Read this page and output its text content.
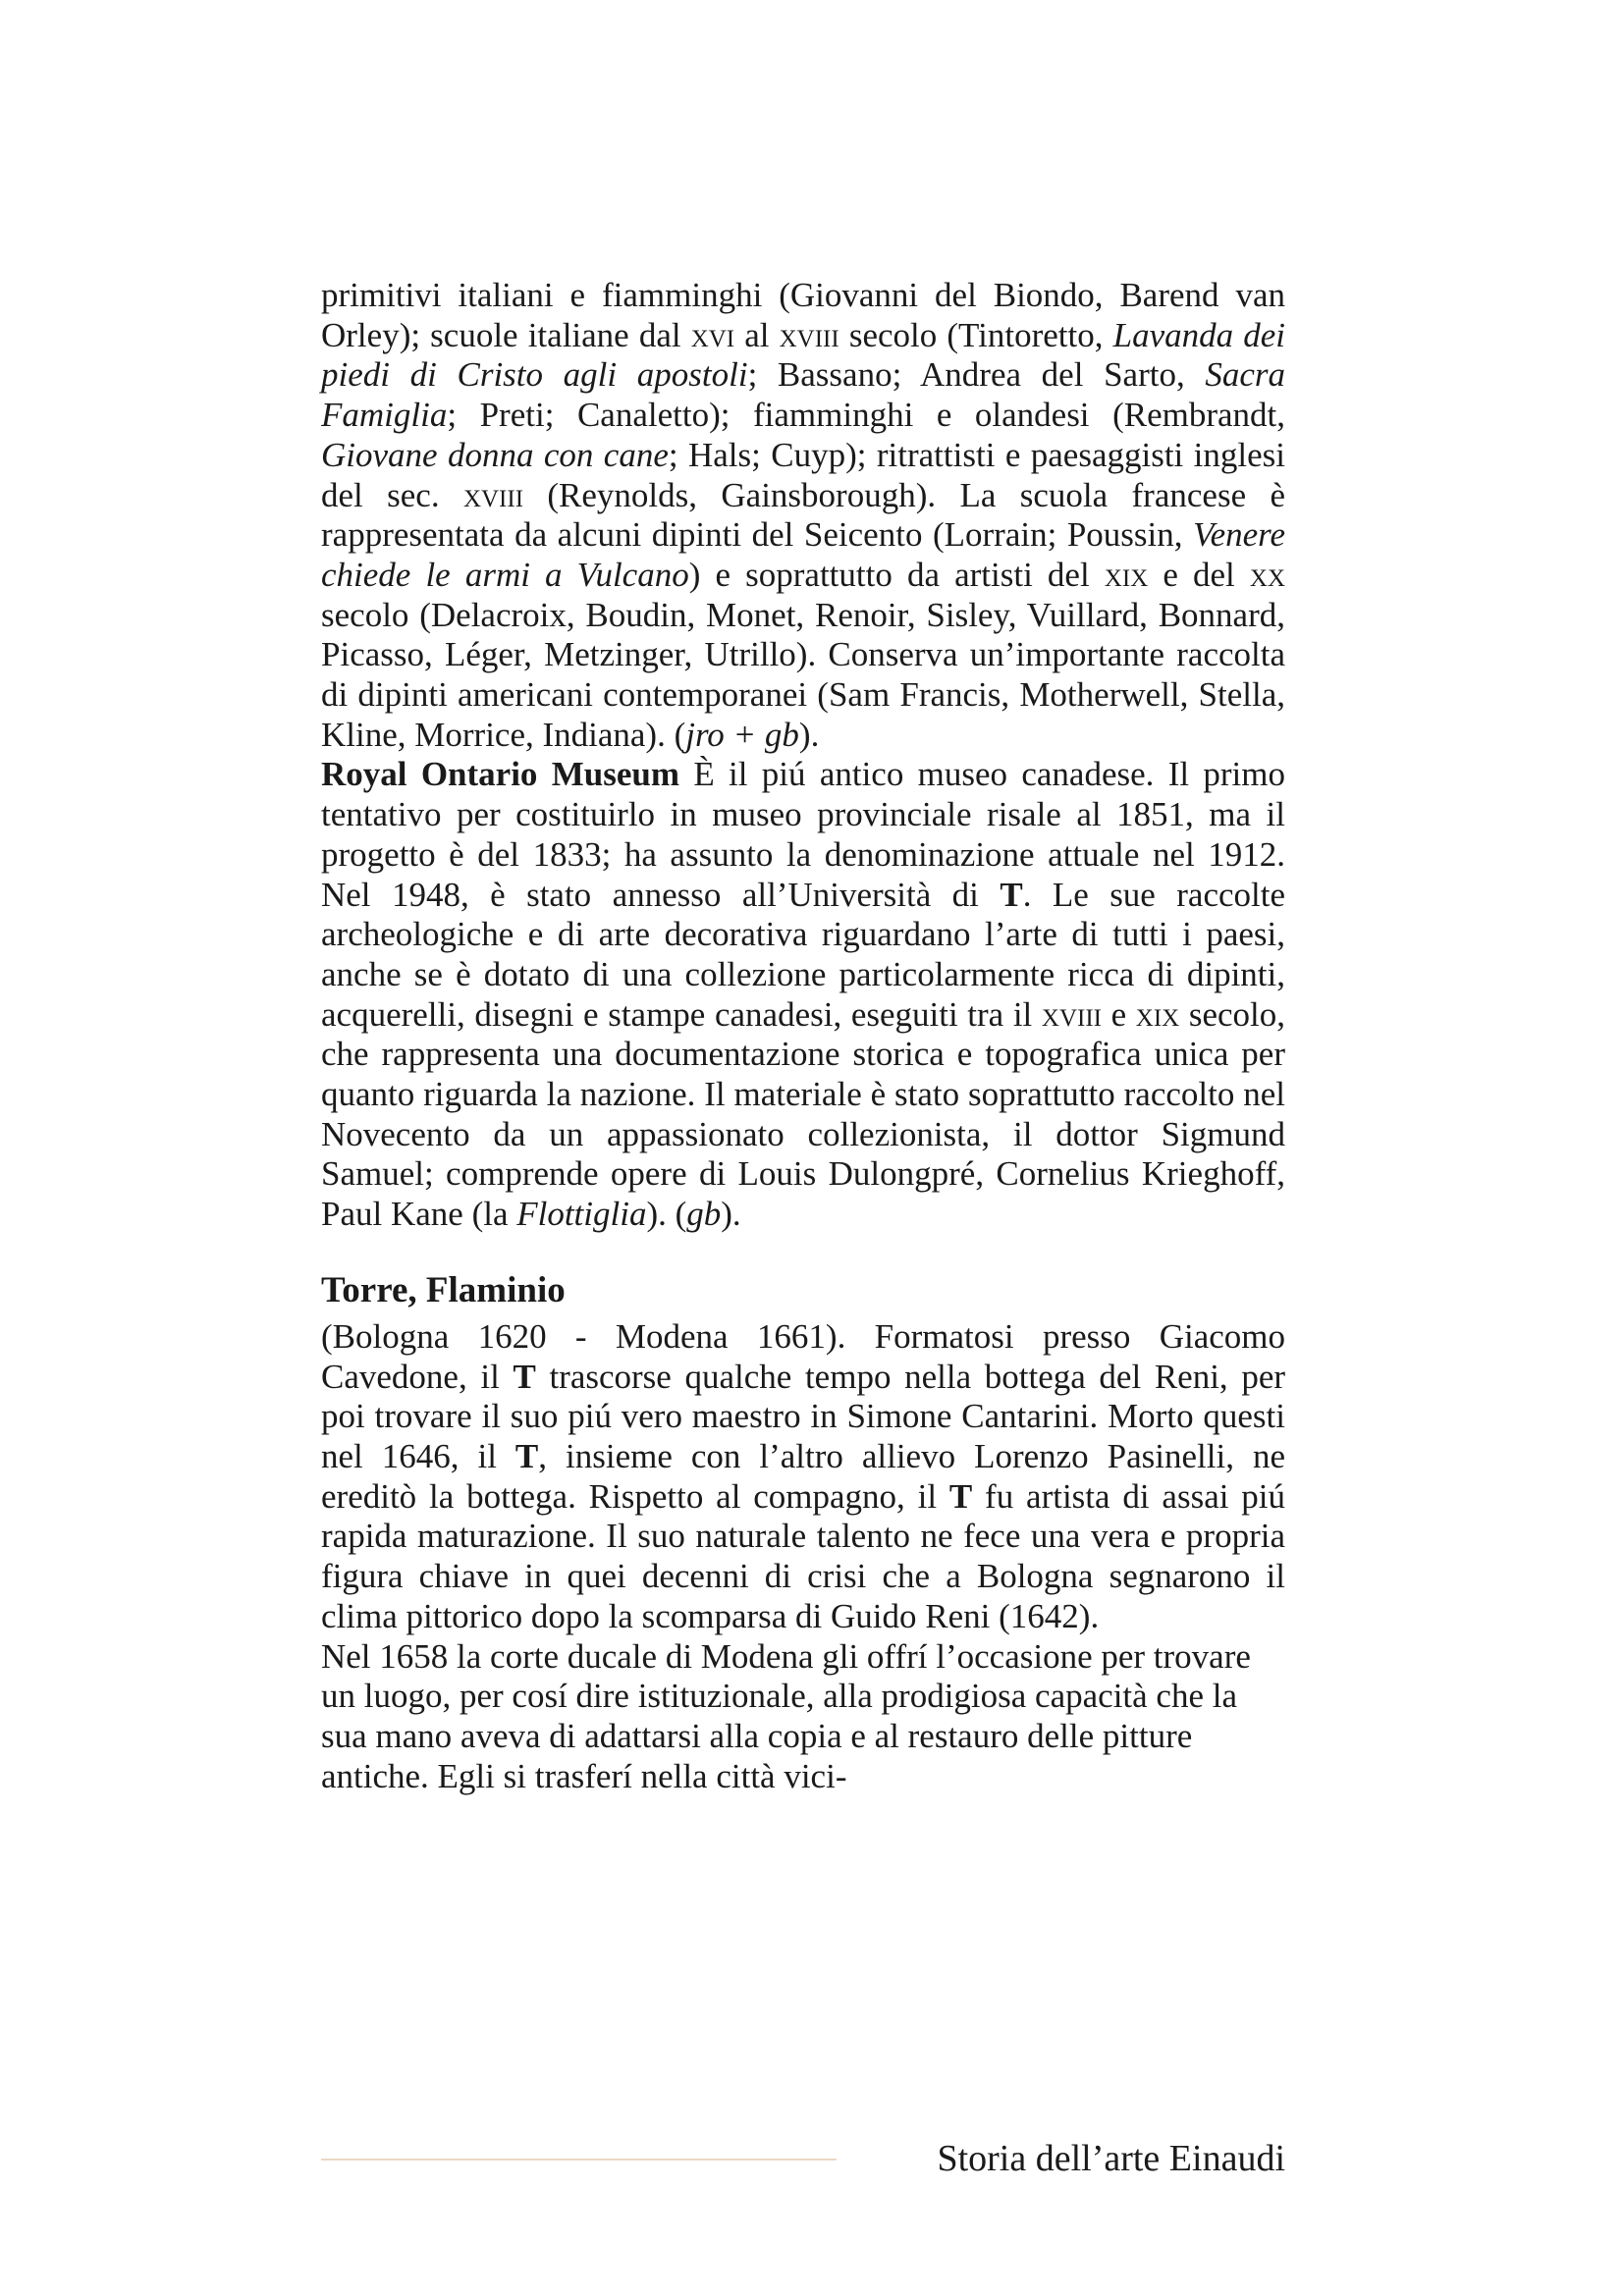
primitivi italiani e fiamminghi (Giovanni del Biondo, Barend van Orley); scuole italiane dal xvi al xviii secolo (Tintoretto, Lavanda dei piedi di Cristo agli apostoli; Bassano; Andrea del Sarto, Sacra Famiglia; Preti; Canaletto); fiamminghi e olandesi (Rembrandt, Giovane donna con cane; Hals; Cuyp); ritrattisti e paesaggisti inglesi del sec. xviii (Reynolds, Gainsborough). La scuola francese è rappresentata da alcuni dipinti del Seicento (Lorrain; Poussin, Venere chiede le armi a Vulcano) e soprattutto da artisti del xix e del xx secolo (Delacroix, Boudin, Monet, Renoir, Sisley, Vuillard, Bonnard, Picasso, Léger, Metzinger, Utrillo). Conserva un’importante raccolta di dipinti americani contemporanei (Sam Francis, Motherwell, Stella, Kline, Morrice, Indiana). (jro + gb).

Royal Ontario Museum È il piú antico museo canadese. Il primo tentativo per costituirlo in museo provinciale risale al 1851, ma il progetto è del 1833; ha assunto la denominazione attuale nel 1912. Nel 1948, è stato annesso all’Università di T. Le sue raccolte archeologiche e di arte decorativa riguardano l’arte di tutti i paesi, anche se è dotato di una collezione particolarmente ricca di dipinti, acquerelli, disegni e stampe canadesi, eseguiti tra il xviii e xix secolo, che rappresenta una documentazione storica e topografica unica per quanto riguarda la nazione. Il materiale è stato soprattutto raccolto nel Novecento da un appassionato collezionista, il dottor Sigmund Samuel; comprende opere di Louis Dulongpré, Cornelius Krieghoff, Paul Kane (la Flottiglia). (gb).

Torre, Flaminio

(Bologna 1620 - Modena 1661). Formatosi presso Giacomo Cavedone, il T trascorse qualche tempo nella bottega del Reni, per poi trovare il suo piú vero maestro in Simone Cantarini. Morto questi nel 1646, il T, insieme con l’altro allievo Lorenzo Pasinelli, ne ereditò la bottega. Rispetto al compagno, il T fu artista di assai piú rapida maturazione. Il suo naturale talento ne fece una vera e propria figura chiave in quei decenni di crisi che a Bologna segnarono il clima pittorico dopo la scomparsa di Guido Reni (1642).

Nel 1658 la corte ducale di Modena gli offrí l’occasione per trovare un luogo, per cosí dire istituzionale, alla prodigiosa capacità che la sua mano aveva di adattarsi alla copia e al restauro delle pitture antiche. Egli si trasferí nella città vici-

Storia dell’arte Einaudi
